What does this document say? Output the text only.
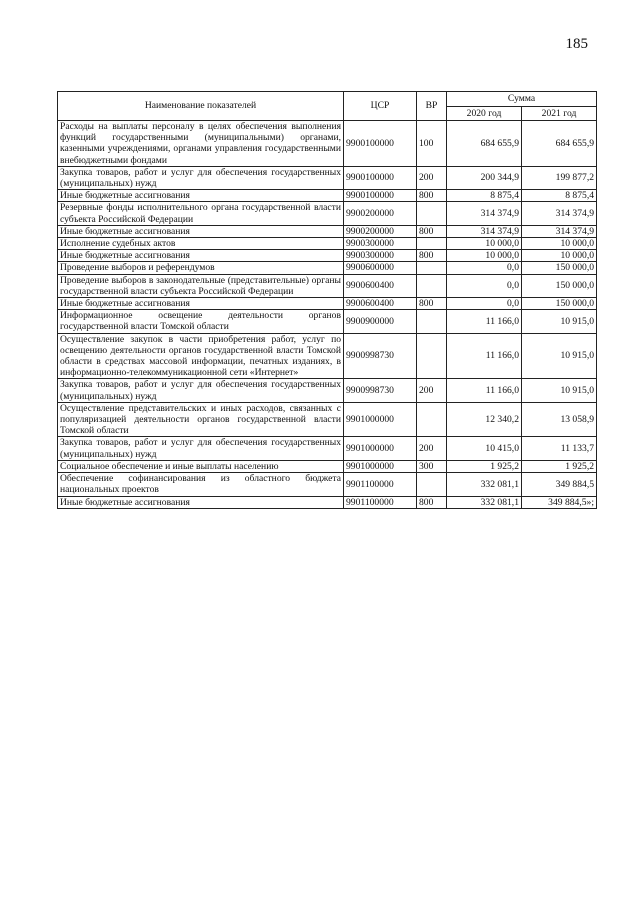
185
Наименование показателей	ЦСР	ВР	Сумма	
			2020 год	2021 год
Расходы на выплаты персоналу в целях обеспечения выполнения функций государственными (муниципальными) органами, казенными учреждениями, органами управления государственными внебюджетными фондами	9900100000	100	684 655,9	684 655,9
Закупка товаров, работ и услуг для обеспечения государственных (муниципальных) нужд	9900100000	200	200 344,9	199 877,2
Иные бюджетные ассигнования	9900100000	800	8 875,4	8 875,4
Резервные фонды исполнительного органа государственной власти субъекта Российской Федерации	9900200000		314 374,9	314 374,9
Иные бюджетные ассигнования	9900200000	800	314 374,9	314 374,9
Исполнение судебных актов	9900300000		10 000,0	10 000,0
Иные бюджетные ассигнования	9900300000	800	10 000,0	10 000,0
Проведение выборов и референдумов	9900600000		0,0	150 000,0
Проведение выборов в законодательные (представительные) органы государственной власти субъекта Российской Федерации	9900600400		0,0	150 000,0
Иные бюджетные ассигнования	9900600400	800	0,0	150 000,0
Информационное освещение деятельности органов государственной власти Томской области	9900900000		11 166,0	10 915,0
Осуществление закупок в части приобретения работ, услуг по освещению деятельности органов государственной власти Томской области в средствах массовой информации, печатных изданиях, в информационно-телекоммуникационной сети «Интернет»	9900998730		11 166,0	10 915,0
Закупка товаров, работ и услуг для обеспечения государственных (муниципальных) нужд	9900998730	200	11 166,0	10 915,0
Осуществление представительских и иных расходов, связанных с популяризацией деятельности органов государственной власти Томской области	9901000000		12 340,2	13 058,9
Закупка товаров, работ и услуг для обеспечения государственных (муниципальных) нужд	9901000000	200	10 415,0	11 133,7
Социальное обеспечение и иные выплаты населению	9901000000	300	1 925,2	1 925,2
Обеспечение софинансирования из областного бюджета национальных проектов	9901100000		332 081,1	349 884,5
Иные бюджетные ассигнования	9901100000	800	332 081,1	349 884,5»;
